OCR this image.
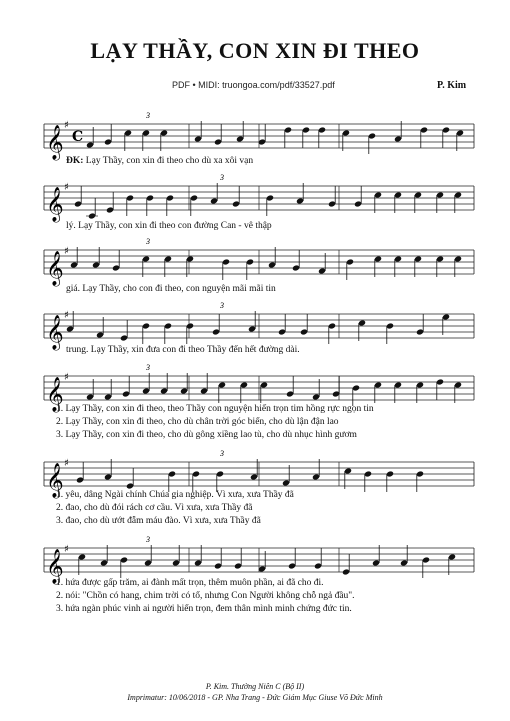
LẠY THẦY, CON XIN ĐI THEO
PDF • MIDI: truongoa.com/pdf/33527.pdf	P. Kim
𝄞 ♯
C
3
ĐK: Lạy Thầy, con xin đi theo cho dù xa xôi vạn
𝄞 ♯
3
lý. Lạy Thầy, con xin đi theo con đường Can - vê thập
𝄞 ♯
3
giá. Lạy Thầy, cho con đi theo, con nguyện mãi mãi tin
𝄞 ♯
3
trung. Lạy Thầy, xin đưa con đi theo Thầy đến hết đường dài.
𝄞 ♯
3
1. Lạy Thầy, con xin đi theo, theo Thầy con nguyện hiến trọn tim hồng rực ngọn tin
2. Lạy Thầy, con xin đi theo, cho dù chân trời góc biển, cho dù lận đận lao
3. Lạy Thầy, con xin đi theo, cho dù gông xiềng lao tù, cho dù nhục hình gươm
𝄞 ♯
3
1. yêu, dâng Ngài chính Chúa gia nghiệp. Vì xưa, xưa Thầy đã
2. đao, cho dù đói rách cơ cầu. Vì xưa, xưa Thầy đã
3. đao, cho dù ướt đẫm máu đào. Vì xưa, xưa Thầy đã
𝄞 ♯
3
1. hứa được gấp trăm, ai đành mất trọn, thêm muôn phần, ai đã cho đi.
2. nói: "Chồn có hang, chim trời có tổ, nhưng Con Người không chỗ ngả đầu".
3. hứa ngàn phúc vinh ai người hiến trọn, đem thân mình minh chứng đức tin.
P. Kim. Thường Niên C (Bộ II)
Imprimatur: 10/06/2018 - GP. Nha Trang - Đức Giám Mục Giuse Võ Đức Minh
